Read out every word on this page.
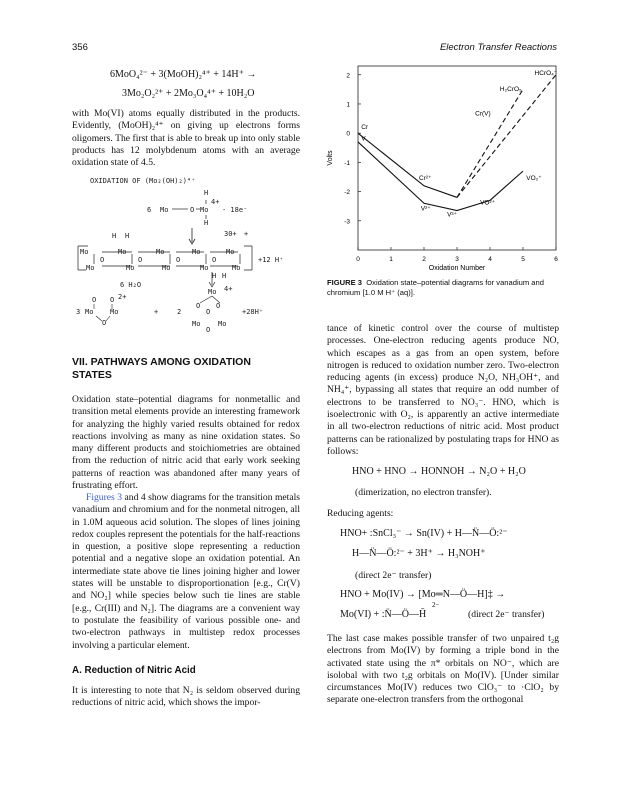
356	Electron Transfer Reactions
6MoO₄²⁻ + 3(MoOH)₂⁴⁺ + 14H⁺ →
3Mo₂O₂²⁺ + 2Mo₃O₄⁴⁺ + 10H₂O

with Mo(VI) atoms equally distributed in the products. Evidently, (MoOH)₂⁴⁺ on giving up electrons forms oligomers. The first that is able to break up into only stable products has 12 molybdenum atoms with an average oxidation state of 4.5.

OXIDATION OF (Mo₂(OH)₂)⁴⁺
H
4+
6 Mo	O Mo - 18e⁻
H
H H	30+ +
Mo	Mo	Mo	Mo	Mo
O	O	O	O
Mo	Mo	Mo	Mo	Mo
+12 H⁺
H H
6 H₂O
O O 2+
3 Mo Mo
O
+	2
Mo 4+
O O
O
Mo	Mo
O
+28H⁺
VII. PATHWAYS AMONG OXIDATION STATES

Oxidation state–potential diagrams for nonmetallic and transition metal elements provide an interesting framework for analyzing the highly varied results obtained for redox reactions involving as many as nine oxidation states. So many different products and stoichiometries are obtained from the reduction of nitric acid that early work seeking patterns of reaction was abandoned after many years of frustrating effort.

Figures 3 and 4 show diagrams for the transition metals vanadium and chromium and for the nonmetal nitrogen, all in 1.0M aqueous acid solution. The slopes of lines joining redox couples represent the potentials for the half-reactions in question, a positive slope representing a reduction potential and a negative slope an oxidation potential. An intermediate state above tie lines joining higher and lower states will be unstable to disproportionation [e.g., Cr(V) and NO₂] while species below such tie lines are stable [e.g., Cr(III) and N₂]. The diagrams are a convenient way to postulate the feasibility of various possible one- and two-electron pathways in multistep redox processes involving a particular element.

A. Reduction of Nitric Acid

It is interesting to note that N₂ is seldom observed during reductions of nitric acid, which shows the impor-

2
1
0
-1
-2
-3
0	1	2	3	4	5	6
HCrO₄⁻
H₂CrO₅
Cr(V)
Cr
V
Cr²⁺	VO₂⁺
V²⁺
V³⁺
VO²⁺
Volts
Oxidation Number
FIGURE 3 Oxidation state–potential diagrams for vanadium and chromium [1.0 M H⁺ (aq)].

tance of kinetic control over the course of multistep processes. One-electron reducing agents produce NO, which escapes as a gas from an open system, before nitrogen is reduced to oxidation number zero. Two-electron reducing agents (in excess) produce N₂O, NH₃OH⁺, and NH₄⁺, bypassing all states that require an odd number of electrons to be transferred to NO₃⁻. HNO, which is isoelectronic with O₂, is apparently an active intermediate in all two-electron reductions of nitric acid. Most product patterns can be rationalized by postulating traps for HNO as follows:

HNO + HNO → HONNOH → N₂O + H₂O
(dimerization, no electron transfer).
Reducing agents:
HNO+ :SnCl₃⁻ → Sn(IV) + H—N̈—Ö:²⁻
H—N̈—Ö:²⁻ + 3H⁺ → H₃NOH⁺
(direct 2e⁻ transfer)
HNO + Mo(IV) → [Mo═N—Ö—H]‡ →
2−
Mo(VI) + :N̈—Ö—H̄	(direct 2e⁻ transfer)

The last case makes possible transfer of two unpaired t₂g electrons from Mo(IV) by forming a triple bond in the activated state using the π* orbitals on NO⁻, which are isolobal with two t₂g orbitals on Mo(IV). [Under similar circumstances Mo(IV) reduces two ClO₃⁻ to ·ClO₂ by separate one-electron transfers from the orthogonal
